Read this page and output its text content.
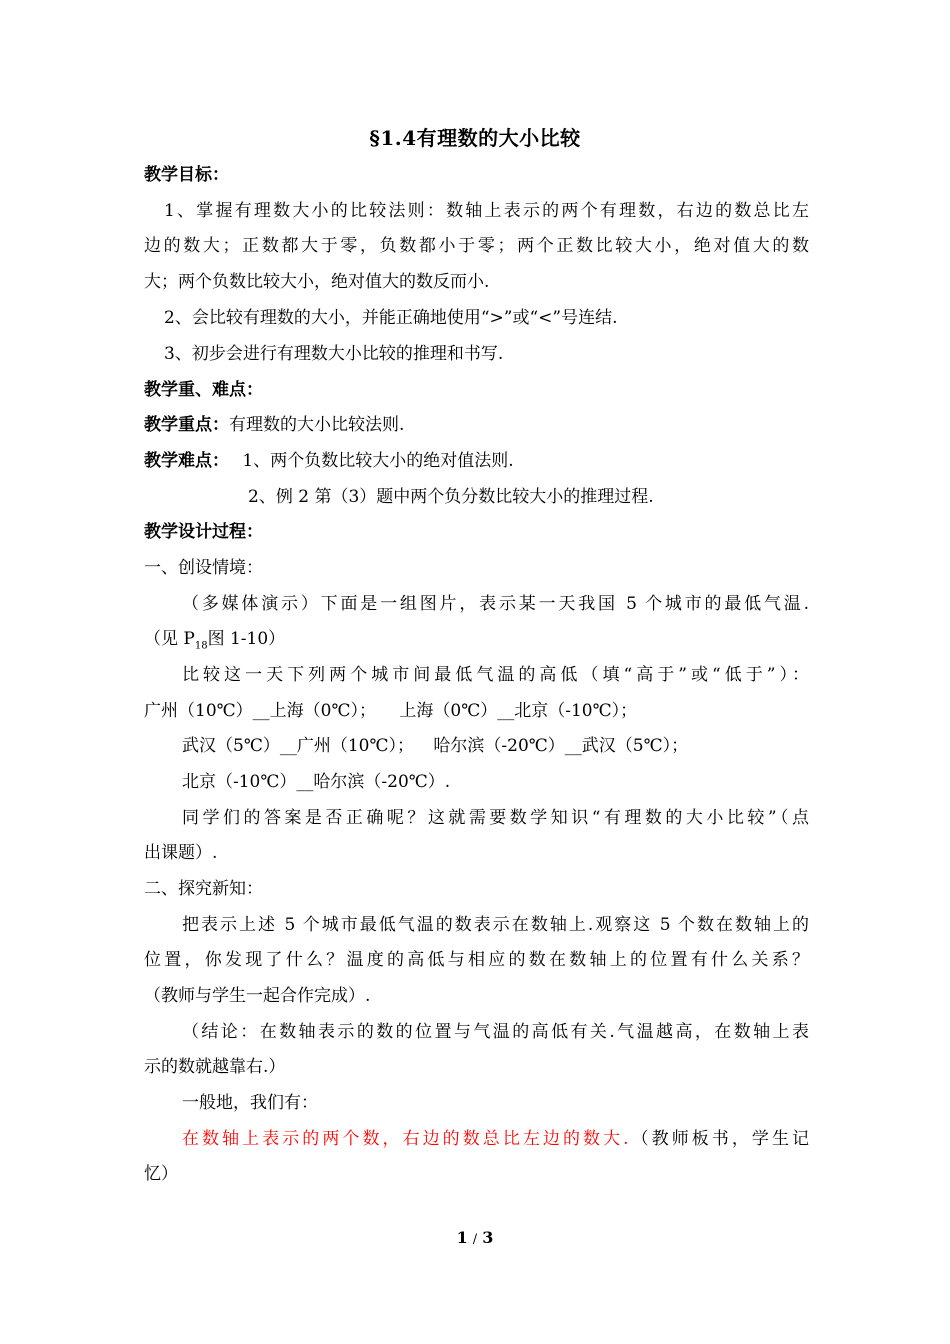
§1.4有理数的大小比较
教学目标：
1、掌握有理数大小的比较法则：数轴上表示的两个有理数，右边的数总比左
边的数大；正数都大于零，负数都小于零；两个正数比较大小，绝对值大的数
大；两个负数比较大小，绝对值大的数反而小.
2、会比较有理数的大小，并能正确地使用“>”或“<”号连结.
3、初步会进行有理数大小比较的推理和书写.
教学重、难点：
教学重点：有理数的大小比较法则.
教学难点： 1、两个负数比较大小的绝对值法则.
2、例 2 第（3）题中两个负分数比较大小的推理过程.
教学设计过程：
一、创设情境：
（多媒体演示）下面是一组图片，表示某一天我国 5 个城市的最低气温.
（见 $P_{18}$图 1-10）
比较这一天下列两个城市间最低气温的高低（填“高于”或“低于”）：
广州（10℃）__上海（0℃）； 上海（0℃）__北京（-10℃）；
武汉（5℃）__广州（10℃）； 哈尔滨（-20℃）__武汉（5℃）；
北京（-10℃）__哈尔滨（-20℃）.
同学们的答案是否正确呢？这就需要数学知识“有理数的大小比较”（点
出课题）.
二、探究新知：
把表示上述 5 个城市最低气温的数表示在数轴上.观察这 5 个数在数轴上的
位置，你发现了什么？温度的高低与相应的数在数轴上的位置有什么关系？
（教师与学生一起合作完成）.
（结论：在数轴表示的数的位置与气温的高低有关.气温越高，在数轴上表
示的数就越靠右.）
一般地，我们有：
在数轴上表示的两个数，右边的数总比左边的数大.（教师板书，学生记
忆）
1 / 3
